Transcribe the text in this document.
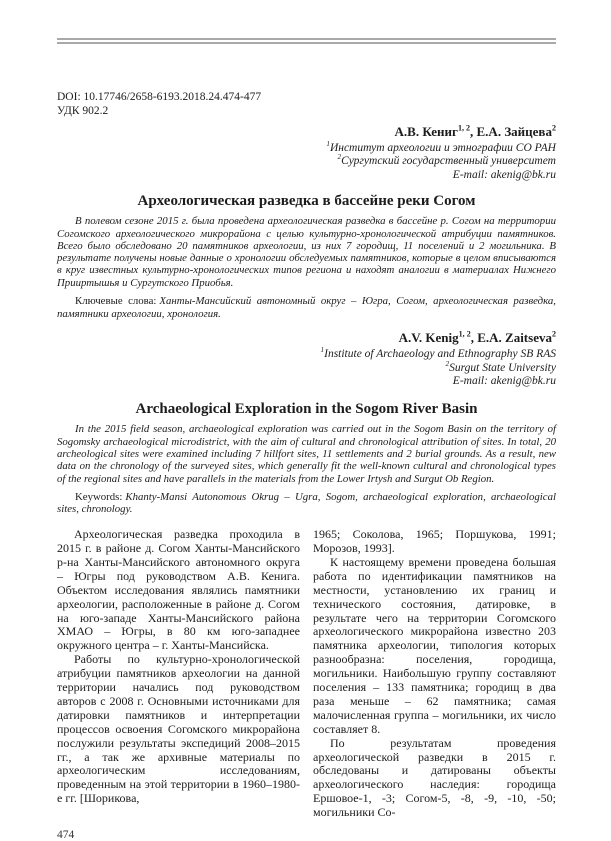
DOI: 10.17746/2658-6193.2018.24.474-477
УДК 902.2
А.В. Кениг$^{1, 2}$, Е.А. Зайцева$^2$
$^1$Институт археологии и этнографии СО РАН
$^2$Сургутский государственный университет
E-mail: akenig@bk.ru
Археологическая разведка в бассейне реки Согом

В полевом сезоне 2015 г. была проведена археологическая разведка в бассейне р. Согом на территории Согомского археологического микрорайона с целью культурно-хронологической атрибуции памятников. Всего было обследовано 20 памятников археологии, из них 7 городищ, 11 поселений и 2 могильника. В результате получены новые данные о хронологии обследуемых памятников, которые в целом вписываются в круг известных культурно-хронологических типов региона и находят аналогии в материалах Нижнего Прииртышья и Сургутского Приобья.

Ключевые слова: Ханты-Мансийский автономный округ – Югра, Согом, археологическая разведка, памятники археологии, хронология.

A.V. Kenig$^{1, 2}$, E.A. Zaitseva$^2$
$^1$Institute of Archaeology and Ethnography SB RAS
$^2$Surgut State University
E-mail: akenig@bk.ru
Archaeological Exploration in the Sogom River Basin

In the 2015 field season, archaeological exploration was carried out in the Sogom Basin on the territory of Sogomsky archaeological microdistrict, with the aim of cultural and chronological attribution of sites. In total, 20 archeological sites were examined including 7 hillfort sites, 11 settlements and 2 burial grounds. As a result, new data on the chronology of the surveyed sites, which generally fit the well-known cultural and chronological types of the regional sites and have parallels in the materials from the Lower Irtysh and Surgut Ob Region.

Keywords: Khanty-Mansi Autonomous Okrug – Ugra, Sogom, archaeological exploration, archaeological sites, chronology.

Археологическая разведка проходила в 2015 г. в районе д. Согом Ханты-Мансийского р-на Ханты-Мансийского автономного округа – Югры под руководством А.В. Кенига. Объектом исследования являлись памятники археологии, расположенные в районе д. Согом на юго-западе Ханты-Мансийского района ХМАО – Югры, в 80 км юго-западнее окружного центра – г. Ханты-Мансийска.

Работы по культурно-хронологической атрибуции памятников археологии на данной территории начались под руководством авторов с 2008 г. Основными источниками для датировки памятников и интерпретации процессов освоения Согомского микрорайона послужили результаты экспедиций 2008–2015 гг., а так же архивные материалы по археологическим исследованиям, проведенным на этой территории в 1960–1980-е гг. [Шорикова,

1965; Соколова, 1965; Поршукова, 1991; Морозов, 1993].

К настоящему времени проведена большая работа по идентификации памятников на местности, установлению их границ и технического состояния, датировке, в результате чего на территории Согомского археологического микрорайона известно 203 памятника археологии, типология которых разнообразна: поселения, городища, могильники. Наибольшую группу составляют поселения – 133 памятника; городищ в два раза меньше – 62 памятника; самая малочисленная группа – могильники, их число составляет 8.

По результатам проведения археологической разведки в 2015 г. обследованы и датированы объекты археологического наследия: городища Ершовое-1, -3; Согом-5, -8, -9, -10, -50; могильники Со-

474
